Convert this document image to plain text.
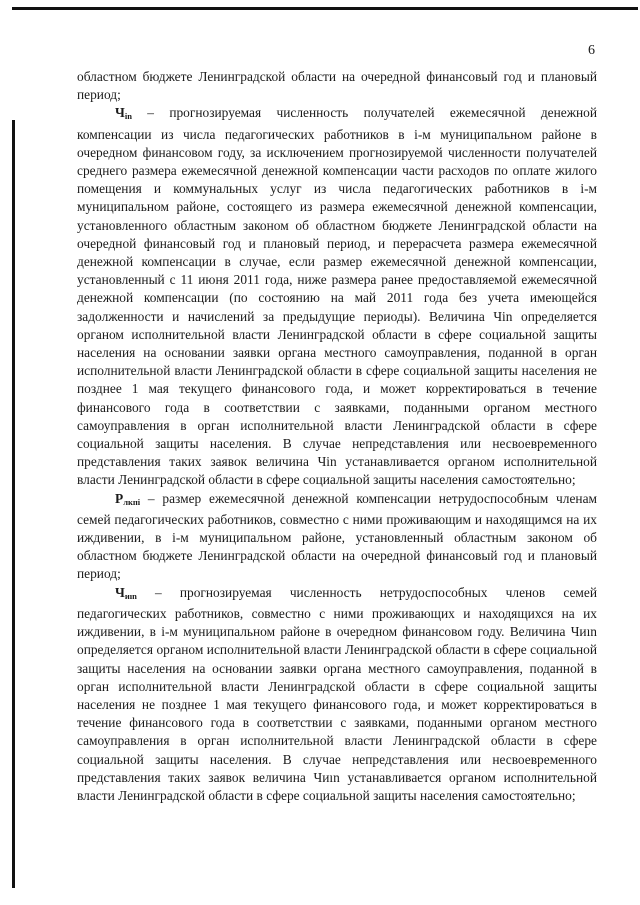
6

областном бюджете Ленинградской области на очередной финансовый год и плановый период;

$Ч_{in}$ – прогнозируемая численность получателей ежемесячной денежной компенсации из числа педагогических работников в i-м муниципальном районе в очередном финансовом году, за исключением прогнозируемой численности получателей среднего размера ежемесячной денежной компенсации части расходов по оплате жилого помещения и коммунальных услуг из числа педагогических работников в i-м муниципальном районе, состоящего из размера ежемесячной денежной компенсации, установленного областным законом об областном бюджете Ленинградской области на очередной финансовый год и плановый период, и перерасчета размера ежемесячной денежной компенсации в случае, если размер ежемесячной денежной компенсации, установленный с 11 июня 2011 года, ниже размера ранее предоставляемой ежемесячной денежной компенсации (по состоянию на май 2011 года без учета имеющейся задолженности и начислений за предыдущие периоды). Величина Чin определяется органом исполнительной власти Ленинградской области в сфере социальной защиты населения на основании заявки органа местного самоуправления, поданной в орган исполнительной власти Ленинградской области в сфере социальной защиты населения не позднее 1 мая текущего финансового года, и может корректироваться в течение финансового года в соответствии с заявками, поданными органом местного самоуправления в орган исполнительной власти Ленинградской области в сфере социальной защиты населения. В случае непредставления или несвоевременного представления таких заявок величина Чin устанавливается органом исполнительной власти Ленинградской области в сфере социальной защиты населения самостоятельно;

$Р_{лкпi}$ – размер ежемесячной денежной компенсации нетрудоспособным членам семей педагогических работников, совместно с ними проживающим и находящимся на их иждивении, в i-м муниципальном районе, установленный областным законом об областном бюджете Ленинградской области на очередной финансовый год и плановый период;

$Ч_{иın}$ – прогнозируемая численность нетрудоспособных членов семей педагогических работников, совместно с ними проживающих и находящихся на их иждивении, в i-м муниципальном районе в очередном финансовом году. Величина Чиın определяется органом исполнительной власти Ленинградской области в сфере социальной защиты населения на основании заявки органа местного самоуправления, поданной в орган исполнительной власти Ленинградской области в сфере социальной защиты населения не позднее 1 мая текущего финансового года, и может корректироваться в течение финансового года в соответствии с заявками, поданными органом местного самоуправления в орган исполнительной власти Ленинградской области в сфере социальной защиты населения. В случае непредставления или несвоевременного представления таких заявок величина Чиın устанавливается органом исполнительной власти Ленинградской области в сфере социальной защиты населения самостоятельно;
